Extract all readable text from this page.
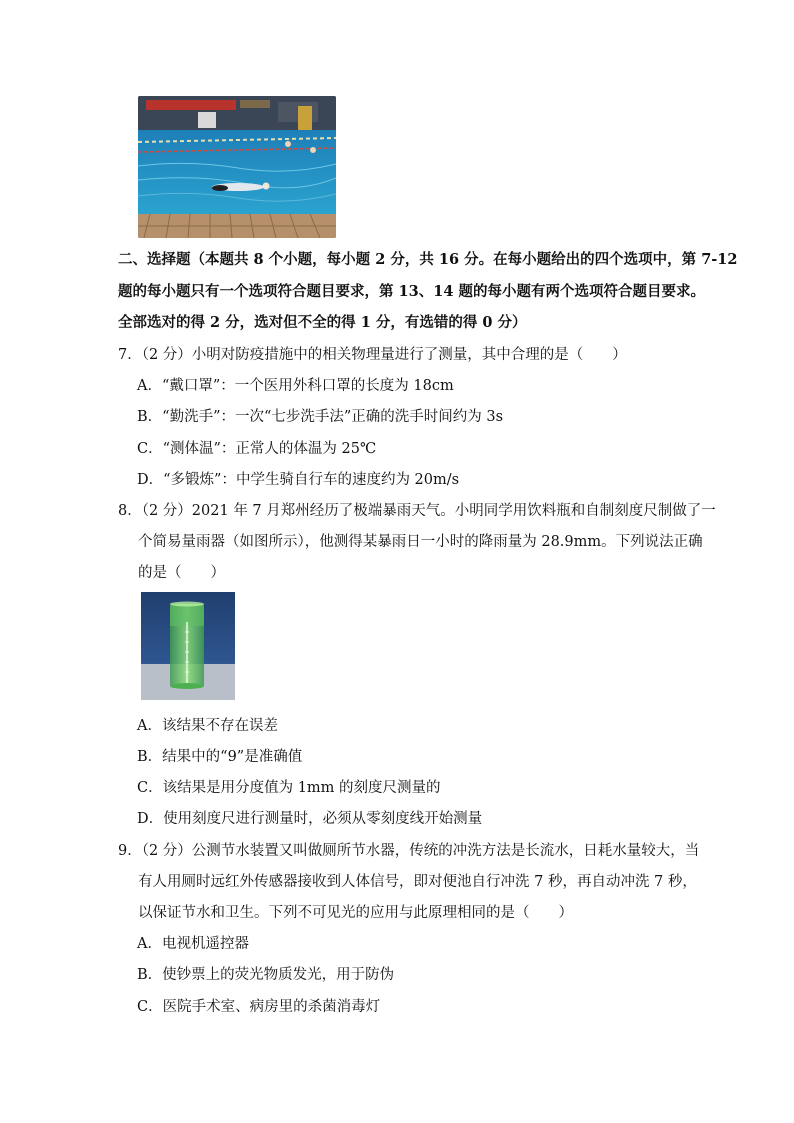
二、选择题（本题共 8 个小题，每小题 2 分，共 16 分。在每小题给出的四个选项中，第 7-12
题的每小题只有一个选项符合题目要求，第 13、14 题的每小题有两个选项符合题目要求。
全部选对的得 2 分，选对但不全的得 1 分，有选错的得 0 分）
7．（2 分）小明对防疫措施中的相关物理量进行了测量，其中合理的是（　　）
A．“戴口罩”：一个医用外科口罩的长度为 18cm
B．“勤洗手”：一次“七步洗手法”正确的洗手时间约为 3s
C．“测体温”：正常人的体温为 25℃
D．“多锻炼”：中学生骑自行车的速度约为 20m/s
8．（2 分）2021 年 7 月郑州经历了极端暴雨天气。小明同学用饮料瓶和自制刻度尺制做了一
个简易量雨器（如图所示），他测得某暴雨日一小时的降雨量为 28.9mm。下列说法正确
的是（　　）
A．该结果不存在误差
B．结果中的“9”是准确值
C．该结果是用分度值为 1mm 的刻度尺测量的
D．使用刻度尺进行测量时，必须从零刻度线开始测量
9．（2 分）公测节水装置又叫做厕所节水器，传统的冲洗方法是长流水，日耗水量较大，当
有人用厕时远红外传感器接收到人体信号，即对便池自行冲洗 7 秒，再自动冲洗 7 秒，
以保证节水和卫生。下列不可见光的应用与此原理相同的是（　　）
A．电视机遥控器
B．使钞票上的荧光物质发光，用于防伪
C．医院手术室、病房里的杀菌消毒灯
